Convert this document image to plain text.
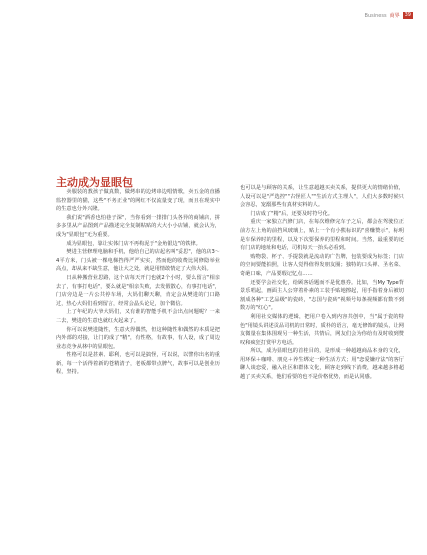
Business 商界	39
主动成为显眼包

卖服装的教孩子做真数，做烤串的边烤串边唱情歌，卖五金的直播监控器里的猫，这些"不务正业"的网红不仅流量变了现，而且在现实中的生意也分外兴隆。

我们说"酒香也怕巷子深"，当你看到一排排门头各异的商铺店，拼多多里从产品图到产品描述完全复制粘贴的大大小小店铺，就会认为，成为"显眼包"无为重要。

成为显眼包，靠让实体门店不再构泥于"金角银边"的铁律。

樊进主营修理电脑和手机，他给自己的店起名叫"妥思"，他的店3～4平方米，门头被一棵电梯挡得严严实实，然而他的收费比同修隐举业高点，却从来不缺生意，他让大之处，就是用情敢情定了大伟大妈。

日从种搬营业思路，这个店每天开门也就2个小时，要么留言"相亲去了，有事打电话"，要么就是"相亲失败，去发假散心，有事打电话"，门店旁边是一片公共停车场，大妈们聊天聊，肯定会从樊进的门口路过，热心大妈们看到留言，经常会晶头论足，加个微信。

上了年纪的大爷大妈们，又有谁的智能手机不会出点问题呢？一来二去，樊进的生意也就红火起来了。

你可以说樊进随性，生意火得偶然，但这种随性和偶然的本质是把内外部的对接，让门的成了"精"，有性格，有故事，有人设，成了周边业态竞争从林中的显眼包。

性格可以是甚素、耶利，也可以是搞怪，可以说，以譬你出名的重新，每一个活得着新的苍精清子，老板都带点脾气，故事可以是创业历程，坚持。

也可以是与顾客的关系，让生意超越买卖关系，提供更大的情绪价值，人设可以是"严选控""古怪匠人""生活方式主理人"，人们大多数时候只会容忍，宠溺那些有真材实料的人。

门店成了"精"后，还要及时符号化。

重庆一家独立汽修门店，在每次维修完车子之后，都会在驾驶位正前方左上角的前挡风玻璃上，贴上一个有小熊标识的"喜赚赞示"，标明是车保养时的里程，以及下次要保养的里程和时间。当然，最重要的还有门店的地址和电话，司机每天一抬头必看到。

购物袋、杯子、手提袋就是流动的广告牌，包装要成为标签；门店的空间要能拍照，让客人觉得值得发朋友圈；独特的口头禅、圣名菜、奇葩口味，产品要瑕记忆点……

还要学会社交化，给顾客话题而不是优惠券。比如，当My Type背景乐唱起，画面主人公穿着朴素的工装手贴地擦起，用手指着身后被切割成各种"工艺品级"的瓷砖，"志国与瓷砖"视频号每条视频都有数不到数万的"红心"。

利用社交媒体的逻辑，把用户卷入到内容共创中，当"属于瓷的特色"用镜头讲述贡品司机的日常时，质朴的语言，毫无修饰的镜头，让网友微量在集体围观另一种生活，共情后，网友们会为你给有及时收到赞叹和疯狂打赏甲方电话。

所以，成为显眼包的首桂目的，是形成一种超越商品本身的文化，用环保＋咖啡、朋克＋养生绑定一种生活方式；用"恋爱嫌疗法"的客厅聊人谈恋爱，融入社区和群体文化，顾客走到线下消费，越来越多格超越了买卖关系，他们看要的也不是价格优势，而是认同感。
